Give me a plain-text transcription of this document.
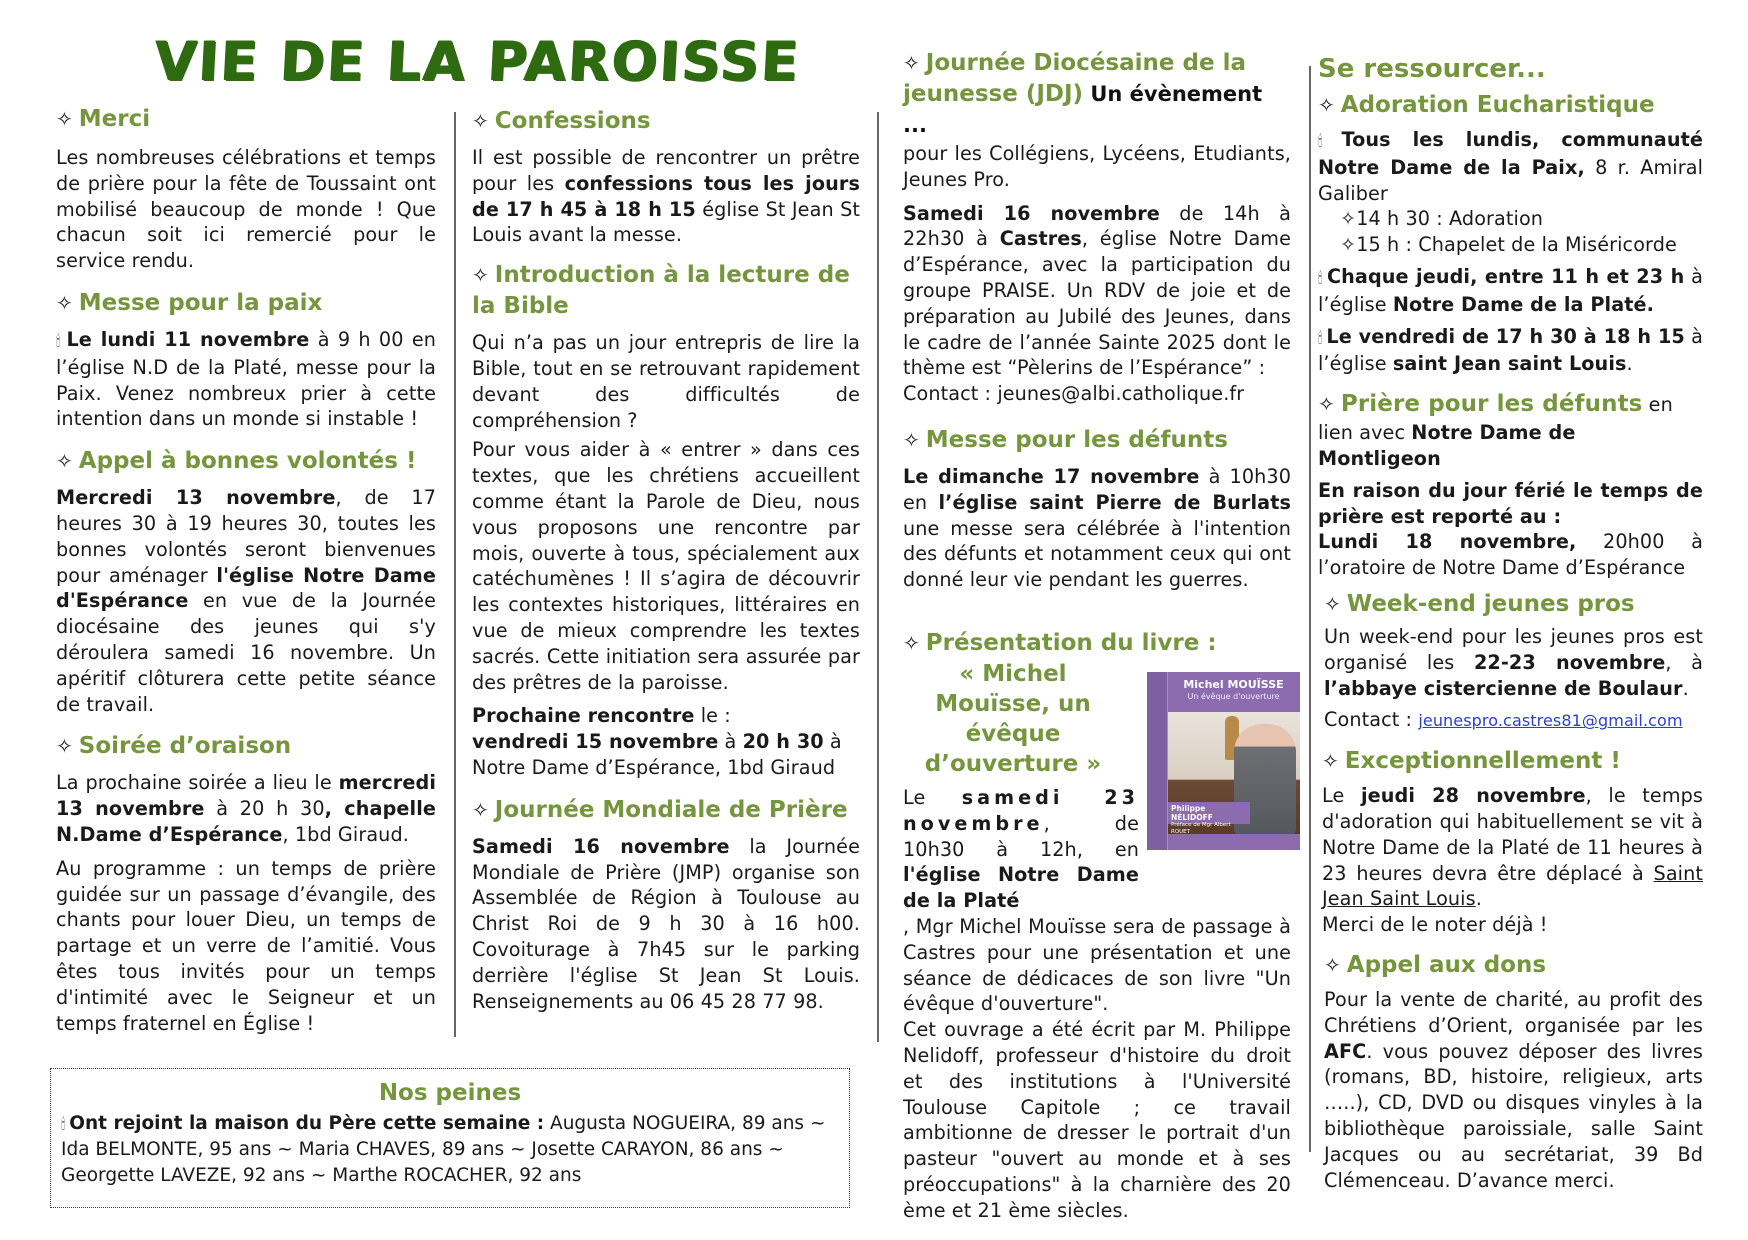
VIE DE LA PAROISSE
✧ Merci

Les nombreuses célébrations et temps de prière pour la fête de Toussaint ont mobilisé beaucoup de monde ! Que chacun soit ici remercié pour le service rendu.

✧ Messe pour la paix

🕯 Le lundi 11 novembre à 9 h 00 en l’église N.D de la Platé, messe pour la Paix. Venez nombreux prier à cette intention dans un monde si instable !

✧ Appel à bonnes volontés !

Mercredi 13 novembre, de 17 heures 30 à 19 heures 30, toutes les bonnes volontés seront bienvenues pour aménager l'église Notre Dame d'Espérance en vue de la Journée diocésaine des jeunes qui s'y déroulera samedi 16 novembre. Un apéritif clôturera cette petite séance de travail.

✧ Soirée d’oraison

La prochaine soirée a lieu le mercredi 13 novembre à 20 h 30, chapelle N.Dame d’Espérance, 1bd Giraud.

Au programme : un temps de prière guidée sur un passage d’évangile, des chants pour louer Dieu, un temps de partage et un verre de l’amitié. Vous êtes tous invités pour un temps d'intimité avec le Seigneur et un temps fraternel en Église !

✧ Confessions

Il est possible de rencontrer un prêtre pour les confessions tous les jours de 17 h 45 à 18 h 15 église St Jean St Louis avant la messe.

✧ Introduction à la lecture de la Bible

Qui n’a pas un jour entrepris de lire la Bible, tout en se retrouvant rapidement devant des difficultés de compréhension ?

Pour vous aider à « entrer » dans ces textes, que les chrétiens accueillent comme étant la Parole de Dieu, nous vous proposons une rencontre par mois, ouverte à tous, spécialement aux catéchumènes ! Il s’agira de découvrir les contextes historiques, littéraires en vue de mieux comprendre les textes sacrés. Cette initiation sera assurée par des prêtres de la paroisse.

Prochaine rencontre le :
vendredi 15 novembre à 20 h 30 à Notre Dame d’Espérance, 1bd Giraud

✧ Journée Mondiale de Prière

Samedi 16 novembre la Journée Mondiale de Prière (JMP) organise son Assemblée de Région à Toulouse au Christ Roi de 9 h 30 à 16 h00. Covoiturage à 7h45 sur le parking derrière l'église St Jean St Louis. Renseignements au 06 45 28 77 98.

✧ Journée Diocésaine de la jeunesse (JDJ) Un évènement ...

pour les Collégiens, Lycéens, Etudiants, Jeunes Pro.

Samedi 16 novembre de 14h à 22h30 à Castres, église Notre Dame d’Espérance, avec la participation du groupe PRAISE. Un RDV de joie et de préparation au Jubilé des Jeunes, dans le cadre de l’année Sainte 2025 dont le thème est “Pèlerins de l’Espérance” :

Contact : jeunes@albi.catholique.fr

✧ Messe pour les défunts

Le dimanche 17 novembre à 10h30 en l’église saint Pierre de Burlats une messe sera célébrée à l'intention des défunts et notamment ceux qui ont donné leur vie pendant les guerres.

✧ Présentation du livre :
« Michel Mouïsse, un évêque d’ouverture »

Le samedi 23 novembre, de 10h30 à 12h, en l'église Notre Dame de la Platé

, Mgr Michel Mouïsse sera de passage à Castres pour une présentation et une séance de dédicaces de son livre "Un évêque d'ouverture".

Cet ouvrage a été écrit par M. Philippe Nelidoff, professeur d'histoire du droit et des institutions à l'Université Toulouse Capitole ; ce travail ambitionne de dresser le portrait d'un pasteur "ouvert au monde et à ses préoccupations" à la charnière des 20 ème et 21 ème siècles.

Michel MOUÏSSE
Un évêque d'ouverture
Philippe NÉLIDOFF
Préface de Mgr Albert ROUET
Se ressourcer...
✧ Adoration Eucharistique

🕯 Tous les lundis, communauté Notre Dame de la Paix, 8 r. Amiral Galiber

✧14 h 30 : Adoration

✧15 h : Chapelet de la Miséricorde

🕯 Chaque jeudi, entre 11 h et 23 h à l’église Notre Dame de la Platé.

🕯 Le vendredi de 17 h 30 à 18 h 15 à l’église saint Jean saint Louis.

✧ Prière pour les défunts en lien avec Notre Dame de Montligeon

En raison du jour férié le temps de prière est reporté au :
Lundi 18 novembre, 20h00 à l’oratoire de Notre Dame d’Espérance

✧ Week-end jeunes pros

Un week-end pour les jeunes pros est organisé les 22-23 novembre, à l’abbaye cistercienne de Boulaur.

Contact : jeunespro.castres81@gmail.com

✧ Exceptionnellement !

Le jeudi 28 novembre, le temps d'adoration qui habituellement se vit à Notre Dame de la Platé de 11 heures à 23 heures devra être déplacé à Saint Jean Saint Louis.

Merci de le noter déjà !

✧ Appel aux dons

Pour la vente de charité, au profit des Chrétiens d’Orient, organisée par les AFC. vous pouvez déposer des livres (romans, BD, histoire, religieux, arts …..), CD, DVD ou disques vinyles à la bibliothèque paroissiale, salle Saint Jacques ou au secrétariat, 39 Bd Clémenceau. D’avance merci.

Nos peines

🕯 Ont rejoint la maison du Père cette semaine : Augusta NOGUEIRA, 89 ans ~ Ida BELMONTE, 95 ans ~ Maria CHAVES, 89 ans ~ Josette CARAYON, 86 ans ~ Georgette LAVEZE, 92 ans ~ Marthe ROCACHER, 92 ans
